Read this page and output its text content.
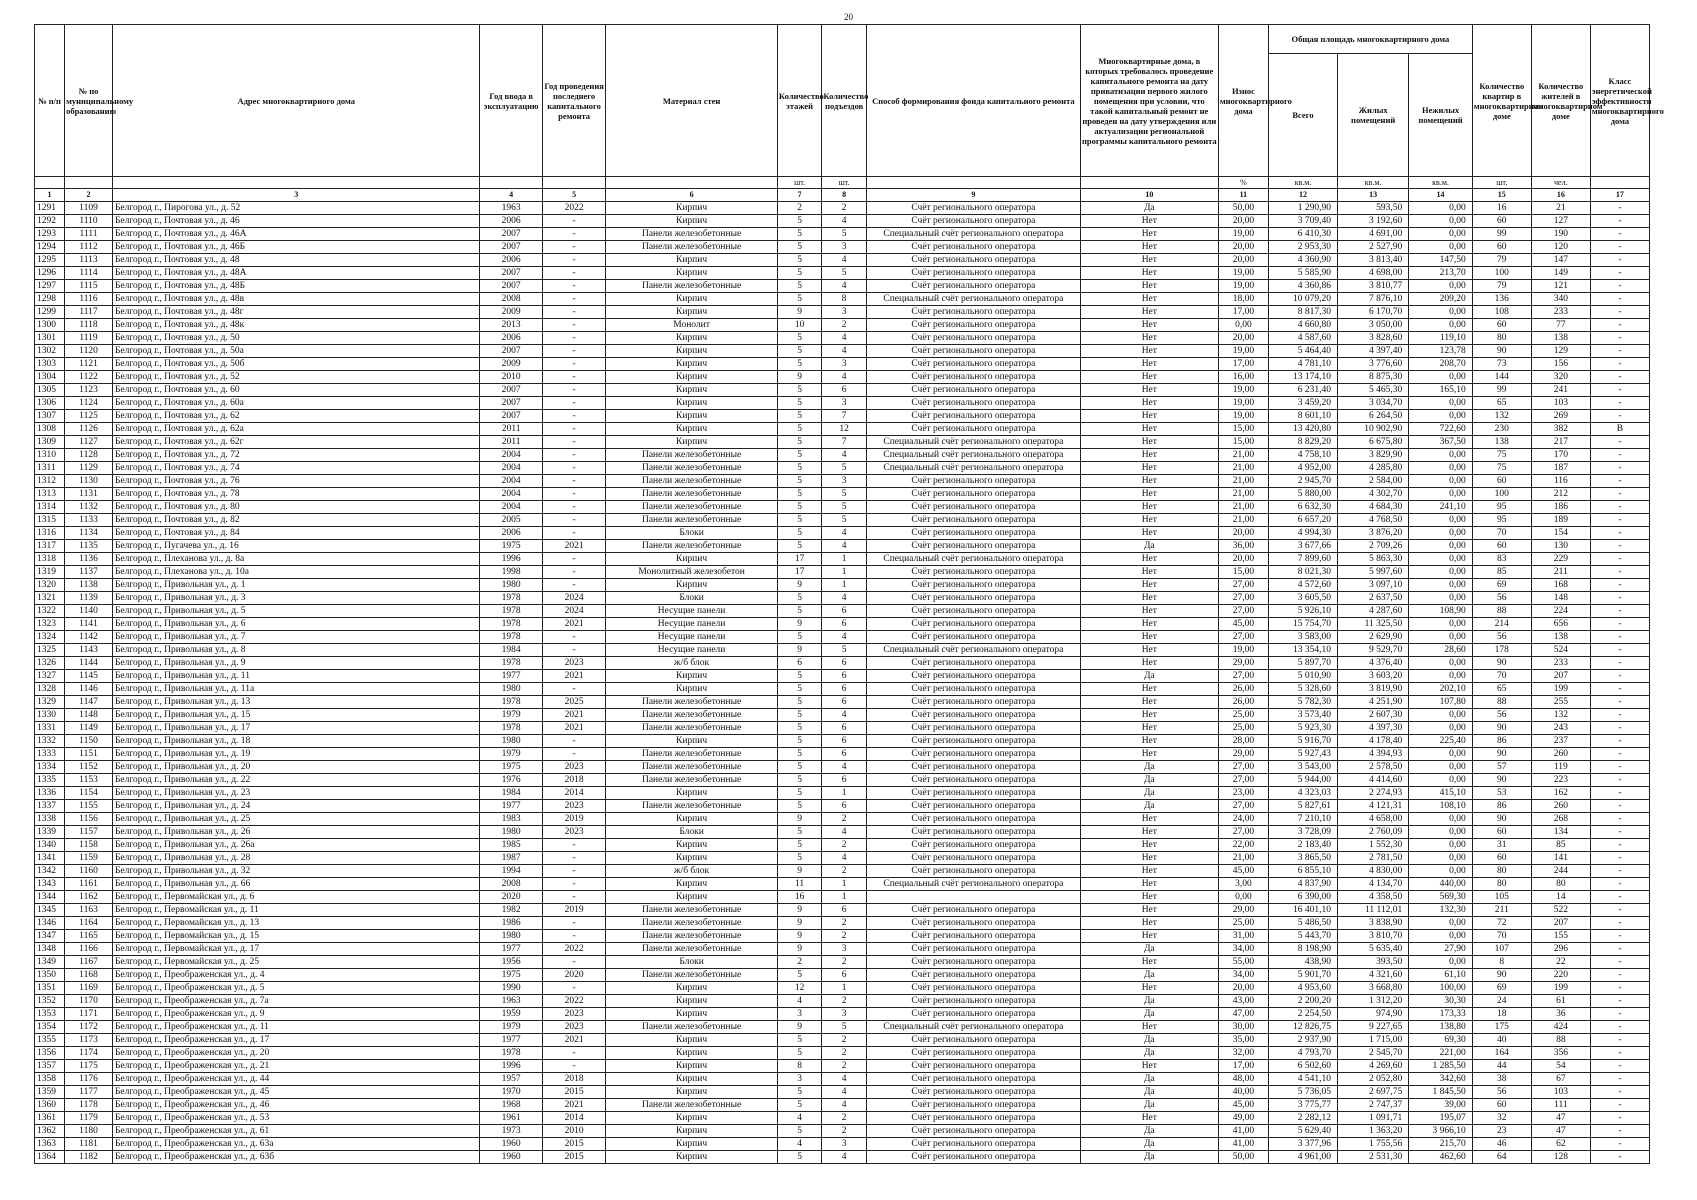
20
№ п/п	№ по муниципальному образованию	Адрес многоквартирного дома	Год ввода в эксплуатацию	Год проведения последнего капитального ремонта	Материал стен	Количество этажей	Количество подъездов	Способ формирования фонда капитального ремонта	Многоквартирные дома, в которых требовалось проведение капитального ремонта на дату приватизации первого жилого помещения при условии, что такой капитальный ремонт не проведен на дату утверждения или актуализации региональной программы капитального ремонта	Износ многоквартирного дома	Общая площадь многоквартирного дома			Количество квартир в многоквартирном доме	Количество жителей в многоквартирном доме	Класс энергетической эффективности многоквартирного дома
											Всего	Жилых помещений	Нежилых помещений			
						шт.	шт.			%	кв.м.	кв.м.	кв.м.	шт.	чел.	
1	2	3	4	5	6	7	8	9	10	11	12	13	14	15	16	17
1291	1109	Белгород г., Пирогова ул., д. 52	1963	2022	Кирпич	2	2	Счёт регионального оператора	Да	50,00	1 290,90	593,50	0,00	16	21	-
1292	1110	Белгород г., Почтовая ул., д. 46	2006	-	Кирпич	5	4	Счёт регионального оператора	Нет	20,00	3 709,40	3 192,60	0,00	60	127	-
1293	1111	Белгород г., Почтовая ул., д. 46А	2007	-	Панели железобетонные	5	5	Специальный счёт регионального оператора	Нет	19,00	6 410,30	4 691,00	0,00	99	190	-
1294	1112	Белгород г., Почтовая ул., д. 46Б	2007	-	Панели железобетонные	5	3	Счёт регионального оператора	Нет	20,00	2 953,30	2 527,90	0,00	60	120	-
1295	1113	Белгород г., Почтовая ул., д. 48	2006	-	Кирпич	5	4	Счёт регионального оператора	Нет	20,00	4 360,90	3 813,40	147,50	79	147	-
1296	1114	Белгород г., Почтовая ул., д. 48А	2007	-	Кирпич	5	5	Счёт регионального оператора	Нет	19,00	5 585,90	4 698,00	213,70	100	149	-
1297	1115	Белгород г., Почтовая ул., д. 48Б	2007	-	Панели железобетонные	5	4	Счёт регионального оператора	Нет	19,00	4 360,86	3 810,77	0,00	79	121	-
1298	1116	Белгород г., Почтовая ул., д. 48в	2008	-	Кирпич	5	8	Специальный счёт регионального оператора	Нет	18,00	10 079,20	7 876,10	209,20	136	340	-
1299	1117	Белгород г., Почтовая ул., д. 48г	2009	-	Кирпич	9	3	Счёт регионального оператора	Нет	17,00	8 817,30	6 170,70	0,00	108	233	-
1300	1118	Белгород г., Почтовая ул., д. 48к	2013	-	Монолит	10	2	Счёт регионального оператора	Нет	0,00	4 660,80	3 050,00	0,00	60	77	-
1301	1119	Белгород г., Почтовая ул., д. 50	2006	-	Кирпич	5	4	Счёт регионального оператора	Нет	20,00	4 587,60	3 828,60	119,10	80	138	-
1302	1120	Белгород г., Почтовая ул., д. 50а	2007	-	Кирпич	5	4	Счёт регионального оператора	Нет	19,00	5 464,40	4 397,40	123,78	90	129	-
1303	1121	Белгород г., Почтовая ул., д. 50б	2009	-	Кирпич	5	3	Счёт регионального оператора	Нет	17,00	4 781,10	3 776,60	208,70	73	156	-
1304	1122	Белгород г., Почтовая ул., д. 52	2010	-	Кирпич	9	4	Счёт регионального оператора	Нет	16,00	13 174,10	8 875,30	0,00	144	320	-
1305	1123	Белгород г., Почтовая ул., д. 60	2007	-	Кирпич	5	6	Счёт регионального оператора	Нет	19,00	6 231,40	5 465,30	165,10	99	241	-
1306	1124	Белгород г., Почтовая ул., д. 60а	2007	-	Кирпич	5	3	Счёт регионального оператора	Нет	19,00	3 459,20	3 034,70	0,00	65	103	-
1307	1125	Белгород г., Почтовая ул., д. 62	2007	-	Кирпич	5	7	Счёт регионального оператора	Нет	19,00	8 601,10	6 264,50	0,00	132	269	-
1308	1126	Белгород г., Почтовая ул., д. 62а	2011	-	Кирпич	5	12	Счёт регионального оператора	Нет	15,00	13 420,80	10 902,90	722,60	230	382	В
1309	1127	Белгород г., Почтовая ул., д. 62г	2011	-	Кирпич	5	7	Специальный счёт регионального оператора	Нет	15,00	8 829,20	6 675,80	367,50	138	217	-
1310	1128	Белгород г., Почтовая ул., д. 72	2004	-	Панели железобетонные	5	4	Специальный счёт регионального оператора	Нет	21,00	4 758,10	3 829,90	0,00	75	170	-
1311	1129	Белгород г., Почтовая ул., д. 74	2004	-	Панели железобетонные	5	5	Специальный счёт регионального оператора	Нет	21,00	4 952,00	4 285,80	0,00	75	187	-
1312	1130	Белгород г., Почтовая ул., д. 76	2004	-	Панели железобетонные	5	3	Счёт регионального оператора	Нет	21,00	2 945,70	2 584,00	0,00	60	116	-
1313	1131	Белгород г., Почтовая ул., д. 78	2004	-	Панели железобетонные	5	5	Счёт регионального оператора	Нет	21,00	5 880,00	4 302,70	0,00	100	212	-
1314	1132	Белгород г., Почтовая ул., д. 80	2004	-	Панели железобетонные	5	5	Счёт регионального оператора	Нет	21,00	6 632,30	4 684,30	241,10	95	186	-
1315	1133	Белгород г., Почтовая ул., д. 82	2005	-	Панели железобетонные	5	5	Счёт регионального оператора	Нет	21,00	6 657,20	4 768,50	0,00	95	189	-
1316	1134	Белгород г., Почтовая ул., д. 84	2006	-	Блоки	5	4	Счёт регионального оператора	Нет	20,00	4 994,30	3 876,20	0,00	70	154	-
1317	1135	Белгород г., Пугачева ул., д. 16	1975	2021	Панели железобетонные	5	4	Счёт регионального оператора	Да	36,00	3 677,66	2 709,26	0,00	60	130	-
1318	1136	Белгород г., Плеханова ул., д. 8а	1996	-	Кирпич	17	1	Специальный счёт регионального оператора	Нет	20,00	7 899,60	5 863,30	0,00	83	229	-
1319	1137	Белгород г., Плеханова ул., д. 10а	1998	-	Монолитный железобетон	17	1	Счёт регионального оператора	Нет	15,00	8 021,30	5 997,60	0,00	85	211	-
1320	1138	Белгород г., Привольная ул., д. 1	1980	-	Кирпич	9	1	Счёт регионального оператора	Нет	27,00	4 572,60	3 097,10	0,00	69	168	-
1321	1139	Белгород г., Привольная ул., д. 3	1978	2024	Блоки	5	4	Счёт регионального оператора	Нет	27,00	3 605,50	2 637,50	0,00	56	148	-
1322	1140	Белгород г., Привольная ул., д. 5	1978	2024	Несущие панели	5	6	Счёт регионального оператора	Нет	27,00	5 926,10	4 287,60	108,90	88	224	-
1323	1141	Белгород г., Привольная ул., д. 6	1978	2021	Несущие панели	9	6	Счёт регионального оператора	Нет	45,00	15 754,70	11 325,50	0,00	214	656	-
1324	1142	Белгород г., Привольная ул., д. 7	1978	-	Несущие панели	5	4	Счёт регионального оператора	Нет	27,00	3 583,00	2 629,90	0,00	56	138	-
1325	1143	Белгород г., Привольная ул., д. 8	1984	-	Несущие панели	9	5	Специальный счёт регионального оператора	Нет	19,00	13 354,10	9 529,70	28,60	178	524	-
1326	1144	Белгород г., Привольная ул., д. 9	1978	2023	ж/б блок	6	6	Счёт регионального оператора	Нет	29,00	5 897,70	4 376,40	0,00	90	233	-
1327	1145	Белгород г., Привольная ул., д. 11	1977	2021	Кирпич	5	6	Счёт регионального оператора	Да	27,00	5 010,90	3 603,20	0,00	70	207	-
1328	1146	Белгород г., Привольная ул., д. 11а	1980	-	Кирпич	5	6	Счёт регионального оператора	Нет	26,00	5 328,60	3 819,90	202,10	65	199	-
1329	1147	Белгород г., Привольная ул., д. 13	1978	2025	Панели железобетонные	5	6	Счёт регионального оператора	Нет	26,00	5 782,30	4 251,90	107,80	88	255	-
1330	1148	Белгород г., Привольная ул., д. 15	1979	2021	Панели железобетонные	5	4	Счёт регионального оператора	Нет	25,00	3 573,40	2 607,30	0,00	56	132	-
1331	1149	Белгород г., Привольная ул., д. 17	1978	2021	Панели железобетонные	5	6	Счёт регионального оператора	Нет	25,00	5 923,30	4 397,30	0,00	90	243	-
1332	1150	Белгород г., Привольная ул., д. 18	1980	-	Кирпич	5	6	Счёт регионального оператора	Нет	28,00	5 916,70	4 178,40	225,40	86	237	-
1333	1151	Белгород г., Привольная ул., д. 19	1979	-	Панели железобетонные	5	6	Счёт регионального оператора	Нет	29,00	5 927,43	4 394,93	0,00	90	260	-
1334	1152	Белгород г., Привольная ул., д. 20	1975	2023	Панели железобетонные	5	4	Счёт регионального оператора	Да	27,00	3 543,00	2 578,50	0,00	57	119	-
1335	1153	Белгород г., Привольная ул., д. 22	1976	2018	Панели железобетонные	5	6	Счёт регионального оператора	Да	27,00	5 944,00	4 414,60	0,00	90	223	-
1336	1154	Белгород г., Привольная ул., д. 23	1984	2014	Кирпич	5	1	Счёт регионального оператора	Да	23,00	4 323,03	2 274,93	415,10	53	162	-
1337	1155	Белгород г., Привольная ул., д. 24	1977	2023	Панели железобетонные	5	6	Счёт регионального оператора	Да	27,00	5 827,61	4 121,31	108,10	86	260	-
1338	1156	Белгород г., Привольная ул., д. 25	1983	2019	Кирпич	9	2	Счёт регионального оператора	Нет	24,00	7 210,10	4 658,00	0,00	90	268	-
1339	1157	Белгород г., Привольная ул., д. 26	1980	2023	Блоки	5	4	Счёт регионального оператора	Нет	27,00	3 728,09	2 760,09	0,00	60	134	-
1340	1158	Белгород г., Привольная ул., д. 26а	1985	-	Кирпич	5	2	Счёт регионального оператора	Нет	22,00	2 183,40	1 552,30	0,00	31	85	-
1341	1159	Белгород г., Привольная ул., д. 28	1987	-	Кирпич	5	4	Счёт регионального оператора	Нет	21,00	3 865,50	2 781,50	0,00	60	141	-
1342	1160	Белгород г., Привольная ул., д. 32	1994	-	ж/б блок	9	2	Счёт регионального оператора	Нет	45,00	6 855,10	4 830,00	0,00	80	244	-
1343	1161	Белгород г., Привольная ул., д. 66	2008	-	Кирпич	11	1	Специальный счёт регионального оператора	Нет	3,00	4 837,90	4 134,70	440,00	80	80	-
1344	1162	Белгород г., Первомайская ул., д. 6	2020	-	Кирпич	16	1		Нет	0,00	6 390,00	4 358,50	569,30	105	14	-
1345	1163	Белгород г., Первомайская ул., д. 11	1982	2019	Панели железобетонные	9	6	Счёт регионального оператора	Нет	29,00	16 401,10	11 112,01	132,30	211	522	-
1346	1164	Белгород г., Первомайская ул., д. 13	1986	-	Панели железобетонные	9	2	Счёт регионального оператора	Нет	25,00	5 486,50	3 838,90	0,00	72	207	-
1347	1165	Белгород г., Первомайская ул., д. 15	1980	-	Панели железобетонные	9	2	Счёт регионального оператора	Нет	31,00	5 443,70	3 810,70	0,00	70	155	-
1348	1166	Белгород г., Первомайская ул., д. 17	1977	2022	Панели железобетонные	9	3	Счёт регионального оператора	Да	34,00	8 198,90	5 635,40	27,90	107	296	-
1349	1167	Белгород г., Первомайская ул., д. 25	1956	-	Блоки	2	2	Счёт регионального оператора	Нет	55,00	438,90	393,50	0,00	8	22	-
1350	1168	Белгород г., Преображенская ул., д. 4	1975	2020	Панели железобетонные	5	6	Счёт регионального оператора	Да	34,00	5 901,70	4 321,60	61,10	90	220	-
1351	1169	Белгород г., Преображенская ул., д. 5	1990	-	Кирпич	12	1	Счёт регионального оператора	Нет	20,00	4 953,60	3 668,80	100,00	69	199	-
1352	1170	Белгород г., Преображенская ул., д. 7а	1963	2022	Кирпич	4	2	Счёт регионального оператора	Да	43,00	2 200,20	1 312,20	30,30	24	61	-
1353	1171	Белгород г., Преображенская ул., д. 9	1959	2023	Кирпич	3	3	Счёт регионального оператора	Да	47,00	2 254,50	974,90	173,33	18	36	-
1354	1172	Белгород г., Преображенская ул., д. 11	1979	2023	Панели железобетонные	9	5	Специальный счёт регионального оператора	Нет	30,00	12 826,75	9 227,65	138,80	175	424	-
1355	1173	Белгород г., Преображенская ул., д. 17	1977	2021	Кирпич	5	2	Счёт регионального оператора	Да	35,00	2 937,90	1 715,00	69,30	40	88	-
1356	1174	Белгород г., Преображенская ул., д. 20	1978	-	Кирпич	5	2	Счёт регионального оператора	Да	32,00	4 793,70	2 545,70	221,00	164	356	-
1357	1175	Белгород г., Преображенская ул., д. 21	1996	-	Кирпич	8	2	Счёт регионального оператора	Нет	17,00	6 502,60	4 269,60	1 285,50	44	54	-
1358	1176	Белгород г., Преображенская ул., д. 44	1957	2018	Кирпич	3	4	Счёт регионального оператора	Да	48,00	4 541,10	2 052,80	342,60	38	67	-
1359	1177	Белгород г., Преображенская ул., д. 45	1970	2015	Кирпич	5	4	Счёт регионального оператора	Да	40,00	5 736,05	2 697,75	1 845,50	56	103	-
1360	1178	Белгород г., Преображенская ул., д. 46	1968	2021	Панели железобетонные	5	4	Счёт регионального оператора	Да	45,00	3 775,77	2 747,37	39,00	60	111	-
1361	1179	Белгород г., Преображенская ул., д. 53	1961	2014	Кирпич	4	2	Счёт регионального оператора	Нет	49,00	2 282,12	1 091,71	195,07	32	47	-
1362	1180	Белгород г., Преображенская ул., д. 61	1973	2010	Кирпич	5	2	Счёт регионального оператора	Да	41,00	5 629,40	1 363,20	3 966,10	23	47	-
1363	1181	Белгород г., Преображенская ул., д. 63а	1960	2015	Кирпич	4	3	Счёт регионального оператора	Да	41,00	3 377,96	1 755,56	215,70	46	62	-
1364	1182	Белгород г., Преображенская ул., д. 63б	1960	2015	Кирпич	5	4	Счёт регионального оператора	Да	50,00	4 961,00	2 531,30	462,60	64	128	-
